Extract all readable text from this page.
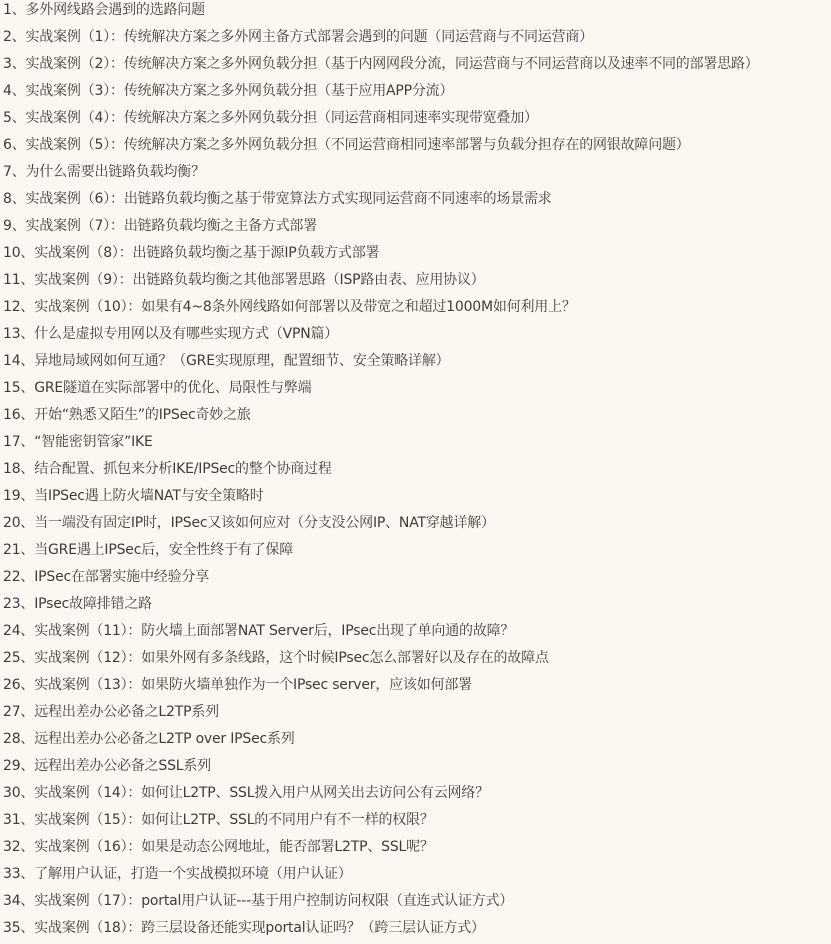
1、多外网线路会遇到的选路问题
2、实战案例（1）：传统解决方案之多外网主备方式部署会遇到的问题（同运营商与不同运营商）
3、实战案例（2）：传统解决方案之多外网负载分担（基于内网网段分流，同运营商与不同运营商以及速率不同的部署思路）
4、实战案例（3）：传统解决方案之多外网负载分担（基于应用APP分流）
5、实战案例（4）：传统解决方案之多外网负载分担（同运营商相同速率实现带宽叠加）
6、实战案例（5）：传统解决方案之多外网负载分担（不同运营商相同速率部署与负载分担存在的网银故障问题）
7、为什么需要出链路负载均衡？
8、实战案例（6）：出链路负载均衡之基于带宽算法方式实现同运营商不同速率的场景需求
9、实战案例（7）：出链路负载均衡之主备方式部署
10、实战案例（8）：出链路负载均衡之基于源IP负载方式部署
11、实战案例（9）：出链路负载均衡之其他部署思路（ISP路由表、应用协议）
12、实战案例（10）：如果有4~8条外网线路如何部署以及带宽之和超过1000M如何利用上？
13、什么是虚拟专用网以及有哪些实现方式（VPN篇）
14、异地局域网如何互通？（GRE实现原理，配置细节、安全策略详解）
15、GRE隧道在实际部署中的优化、局限性与弊端
16、开始“熟悉又陌生”的IPSec奇妙之旅
17、“智能密钥管家”IKE
18、结合配置、抓包来分析IKE/IPSec的整个协商过程
19、当IPSec遇上防火墙NAT与安全策略时
20、当一端没有固定IP时，IPSec又该如何应对（分支没公网IP、NAT穿越详解）
21、当GRE遇上IPSec后，安全性终于有了保障
22、IPSec在部署实施中经验分享
23、IPsec故障排错之路
24、实战案例（11）：防火墙上面部署NAT Server后，IPsec出现了单向通的故障？
25、实战案例（12）：如果外网有多条线路，这个时候IPsec怎么部署好以及存在的故障点
26、实战案例（13）：如果防火墙单独作为一个IPsec server，应该如何部署
27、远程出差办公必备之L2TP系列
28、远程出差办公必备之L2TP over IPSec系列
29、远程出差办公必备之SSL系列
30、实战案例（14）：如何让L2TP、SSL拨入用户从网关出去访问公有云网络？
31、实战案例（15）：如何让L2TP、SSL的不同用户有不一样的权限？
32、实战案例（16）：如果是动态公网地址，能否部署L2TP、SSL呢？
33、了解用户认证，打造一个实战模拟环境（用户认证）
34、实战案例（17）：portal用户认证---基于用户控制访问权限（直连式认证方式）
35、实战案例（18）：跨三层设备还能实现portal认证吗？（跨三层认证方式）
